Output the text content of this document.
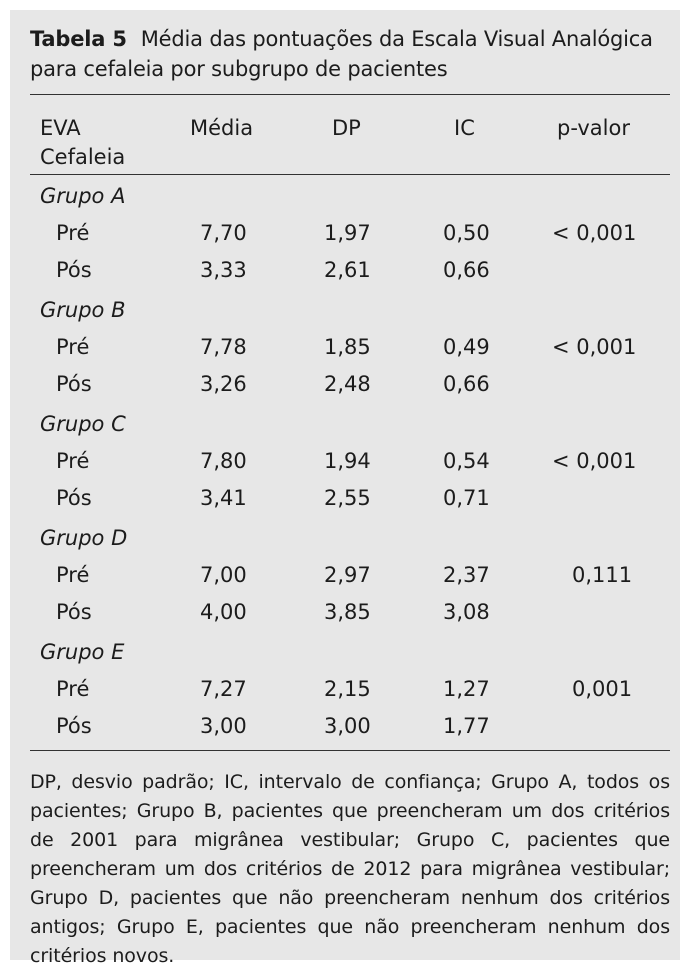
Tabela 5 Média das pontuações da Escala Visual Analógica para cefaleia por subgrupo de pacientes
EVA
Cefaleia
Média	DP	IC	p-valor
Grupo A
Pré	7,70	1,97	0,50	< 0,001
Pós	3,33	2,61	0,66
Grupo B
Pré	7,78	1,85	0,49	< 0,001
Pós	3,26	2,48	0,66
Grupo C
Pré	7,80	1,94	0,54	< 0,001
Pós	3,41	2,55	0,71
Grupo D
Pré	7,00	2,97	2,37	0,111
Pós	4,00	3,85	3,08
Grupo E
Pré	7,27	2,15	1,27	0,001
Pós	3,00	3,00	1,77
DP, desvio padrão; IC, intervalo de confiança; Grupo A, todos os pacientes; Grupo B, pacientes que preencheram um dos critérios de 2001 para migrânea vestibular; Grupo C, pacientes que preencheram um dos critérios de 2012 para migrânea vestibular; Grupo D, pacientes que não preencheram nenhum dos critérios antigos; Grupo E, pacientes que não preencheram nenhum dos critérios novos.
